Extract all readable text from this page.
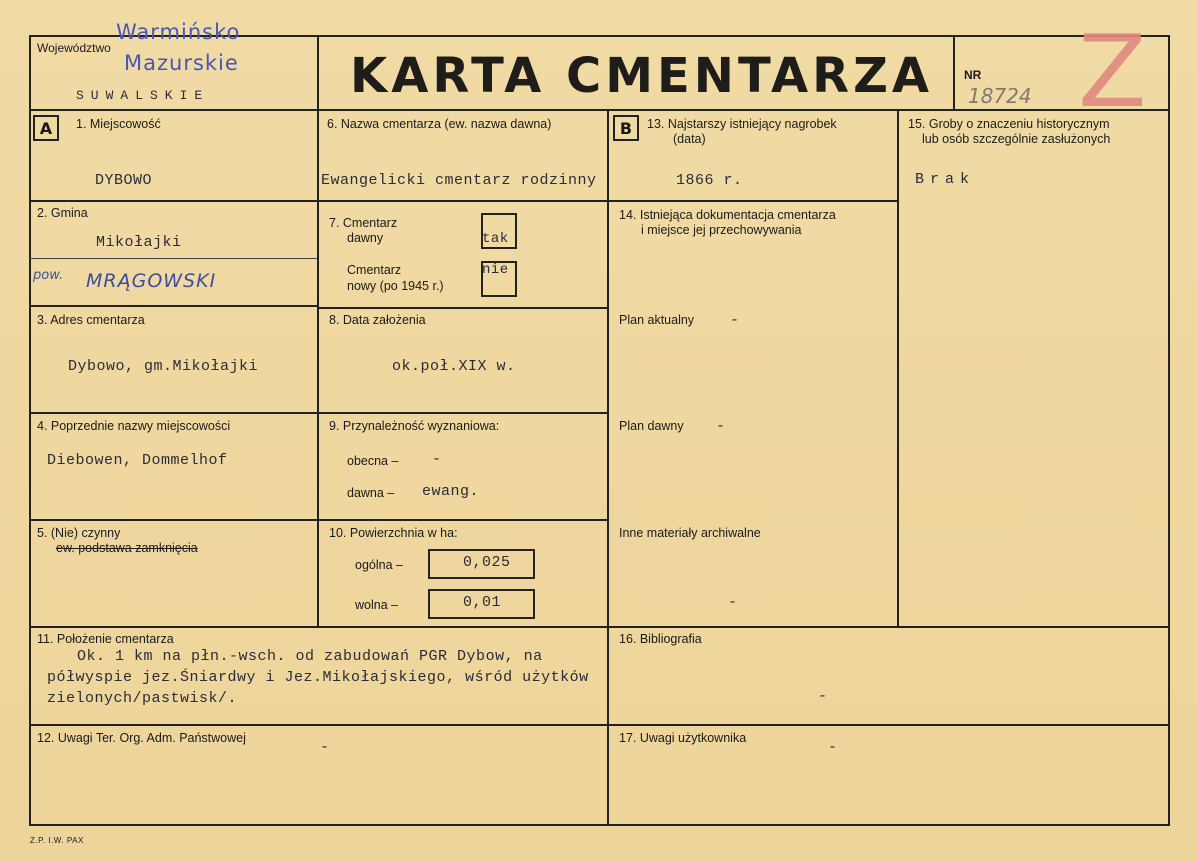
Województwo
Warmińsko
Mazurskie
SUWALSKIE	KARTA CMENTARZA	NR
18724 Z
A	1. Miejscowość
DYBOWO
2. Gmina
Mikołajki
pow. MRĄGOWSKI
3. Adres cmentarza
Dybowo, gm.Mikołajki
4. Poprzednie nazwy miejscowości
Diebowen, Dommelhof
5. (Nie) czynny
ew. podstawa zamknięcia
6. Nazwa cmentarza (ew. nazwa dawna)
Ewangelicki cmentarz rodzinny
7. Cmentarz
dawny	tak
Cmentarz
nowy (po 1945 r.)
nie
8. Data założenia
ok.poł.XIX w.
9. Przynależność wyznaniowa:
obecna – -
dawna – ewang.
10. Powierzchnia w ha:
ogólna –	0,025
wolna –	0,01
B	13. Najstarszy istniejący nagrobek
(data)
1866 r.
14. Istniejąca dokumentacja cmentarza
i miejsce jej przechowywania
Plan aktualny -
Plan dawny -
Inne materiały archiwalne
-
15. Groby o znaczeniu historycznym
lub osób szczególnie zasłużonych
Brak
11. Położenie cmentarza
Ok. 1 km na płn.-wsch. od zabudowań PGR Dybow, na
półwyspie jez.Śniardwy i Jez.Mikołajskiego, wśród użytków
zielonych/pastwisk/.
16. Bibliografia
-
12. Uwagi Ter. Org. Adm. Państwowej
-
17. Uwagi użytkownika
-
Z.P. I.W. PAX
